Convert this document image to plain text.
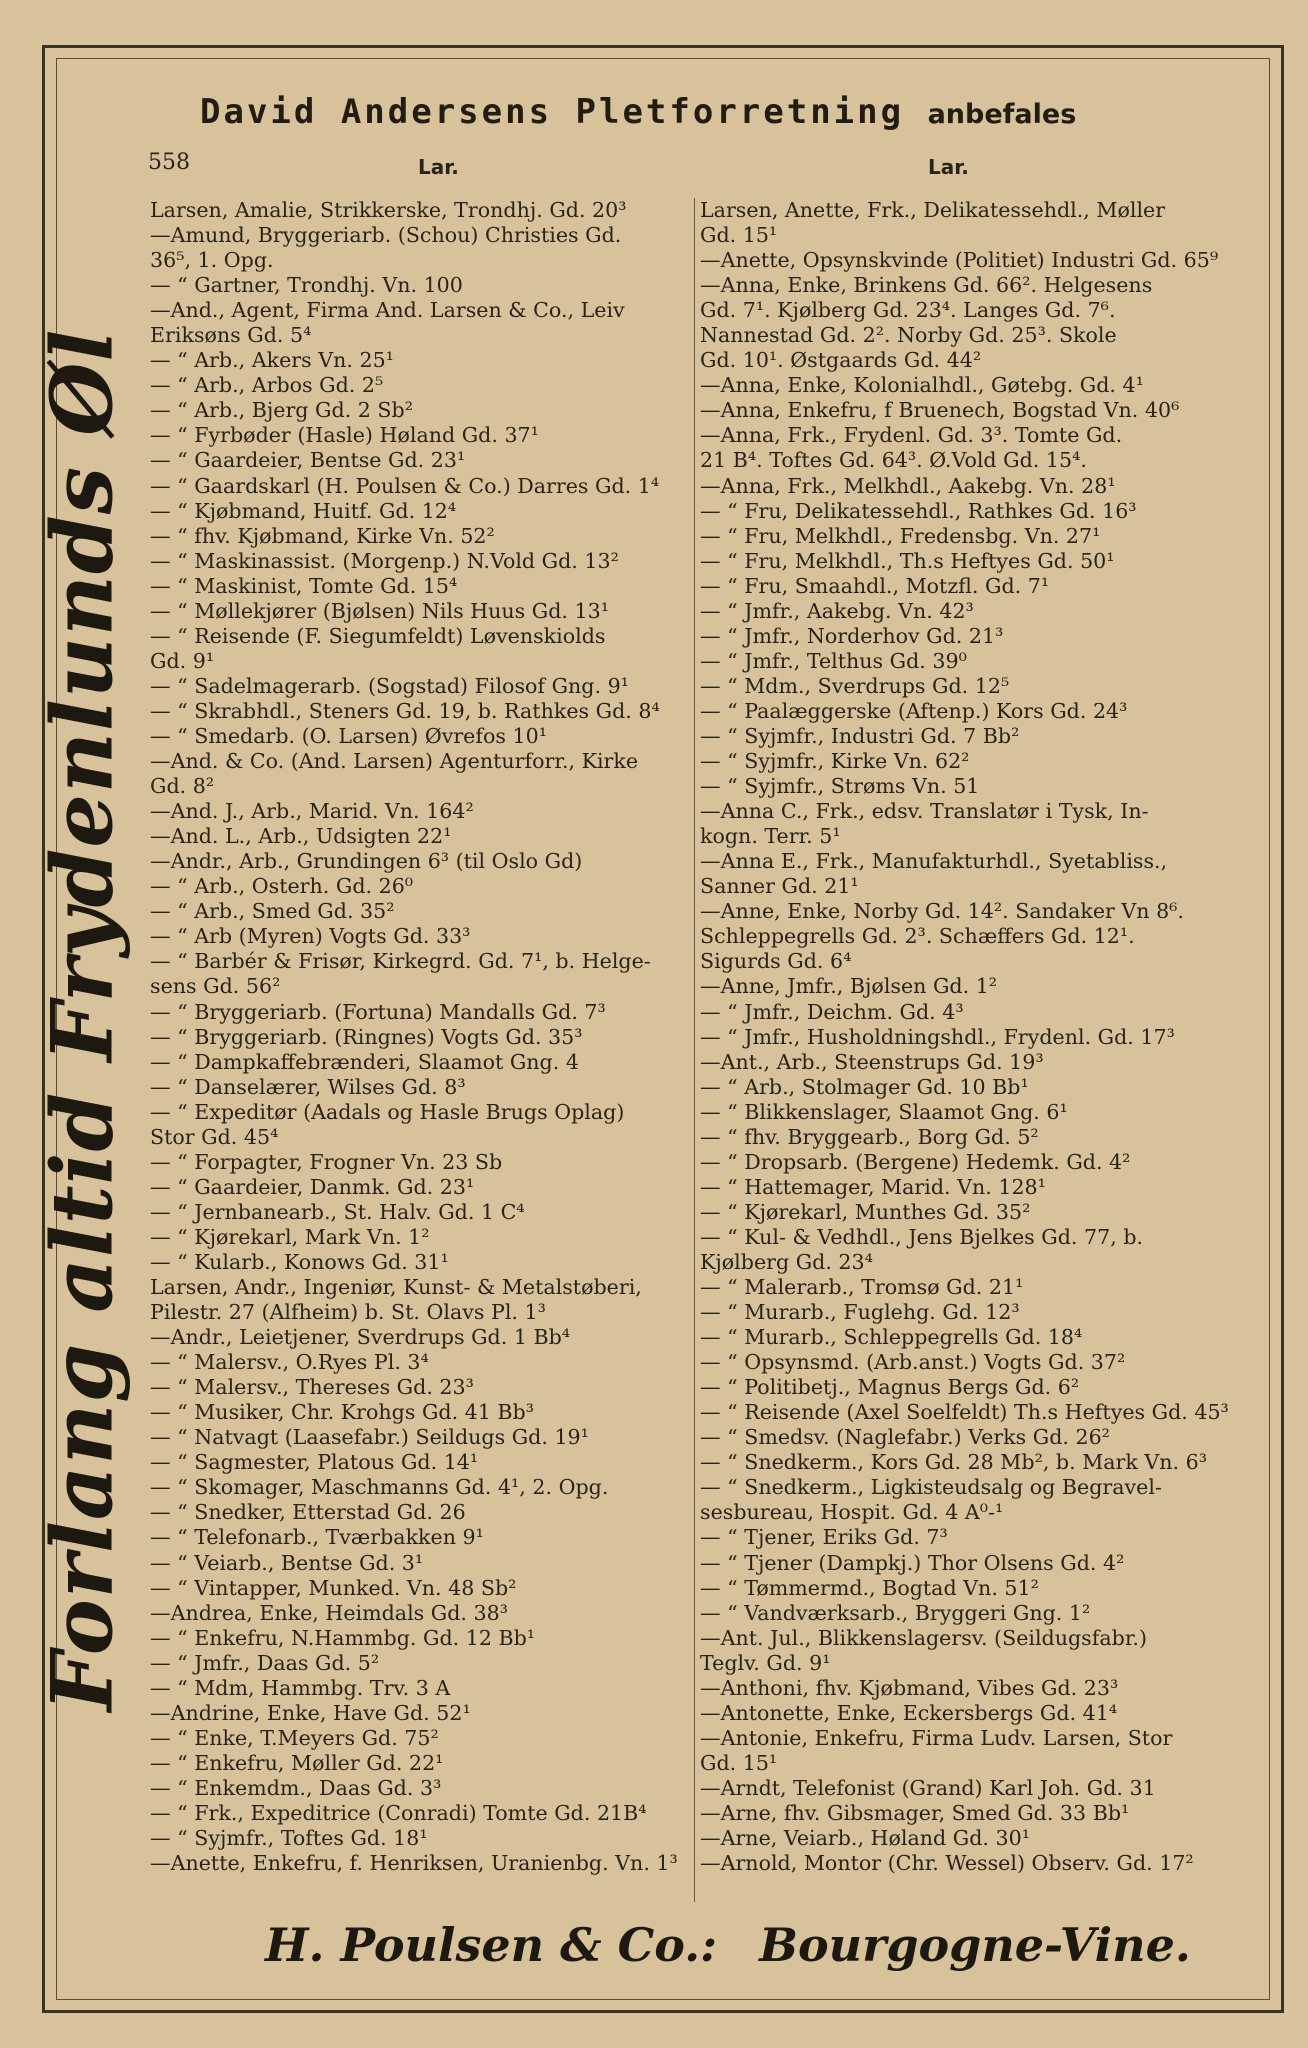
David Andersens Pletforretning anbefales
558	Lar.	Lar.
Forlang altid Frydenlunds Øl
Larsen, Amalie, Strikkerske, Trondhj. Gd. 20³
—Amund, Bryggeriarb. (Schou) Christies Gd.
36⁵, 1. Opg.
— “ Gartner, Trondhj. Vn. 100
—And., Agent, Firma And. Larsen & Co., Leiv
Eriksøns Gd. 5⁴
— “ Arb., Akers Vn. 25¹
— “ Arb., Arbos Gd. 2⁵
— “ Arb., Bjerg Gd. 2 Sb²
— “ Fyrbøder (Hasle) Høland Gd. 37¹
— “ Gaardeier, Bentse Gd. 23¹
— “ Gaardskarl (H. Poulsen & Co.) Darres Gd. 1⁴
— “ Kjøbmand, Huitf. Gd. 12⁴
— “ fhv. Kjøbmand, Kirke Vn. 52²
— “ Maskinassist. (Morgenp.) N.Vold Gd. 13²
— “ Maskinist, Tomte Gd. 15⁴
— “ Møllekjører (Bjølsen) Nils Huus Gd. 13¹
— “ Reisende (F. Siegumfeldt) Løvenskiolds
Gd. 9¹
— “ Sadelmagerarb. (Sogstad) Filosof Gng. 9¹
— “ Skrabhdl., Steners Gd. 19, b. Rathkes Gd. 8⁴
— “ Smedarb. (O. Larsen) Øvrefos 10¹
—And. & Co. (And. Larsen) Agenturforr., Kirke
Gd. 8²
—And. J., Arb., Marid. Vn. 164²
—And. L., Arb., Udsigten 22¹
—Andr., Arb., Grundingen 6³ (til Oslo Gd)
— “ Arb., Osterh. Gd. 26⁰
— “ Arb., Smed Gd. 35²
— “ Arb (Myren) Vogts Gd. 33³
— “ Barbér & Frisør, Kirkegrd. Gd. 7¹, b. Helge-
sens Gd. 56²
— “ Bryggeriarb. (Fortuna) Mandalls Gd. 7³
— “ Bryggeriarb. (Ringnes) Vogts Gd. 35³
— “ Dampkaffebrænderi, Slaamot Gng. 4
— “ Danselærer, Wilses Gd. 8³
— “ Expeditør (Aadals og Hasle Brugs Oplag)
Stor Gd. 45⁴
— “ Forpagter, Frogner Vn. 23 Sb
— “ Gaardeier, Danmk. Gd. 23¹
— “ Jernbanearb., St. Halv. Gd. 1 C⁴
— “ Kjørekarl, Mark Vn. 1²
— “ Kularb., Konows Gd. 31¹
Larsen, Andr., Ingeniør, Kunst- & Metalstøberi,
Pilestr. 27 (Alfheim) b. St. Olavs Pl. 1³
—Andr., Leietjener, Sverdrups Gd. 1 Bb⁴
— “ Malersv., O.Ryes Pl. 3⁴
— “ Malersv., Thereses Gd. 23³
— “ Musiker, Chr. Krohgs Gd. 41 Bb³
— “ Natvagt (Laasefabr.) Seildugs Gd. 19¹
— “ Sagmester, Platous Gd. 14¹
— “ Skomager, Maschmanns Gd. 4¹, 2. Opg.
— “ Snedker, Etterstad Gd. 26
— “ Telefonarb., Tværbakken 9¹
— “ Veiarb., Bentse Gd. 3¹
— “ Vintapper, Munked. Vn. 48 Sb²
—Andrea, Enke, Heimdals Gd. 38³
— “ Enkefru, N.Hammbg. Gd. 12 Bb¹
— “ Jmfr., Daas Gd. 5²
— “ Mdm, Hammbg. Trv. 3 A
—Andrine, Enke, Have Gd. 52¹
— “ Enke, T.Meyers Gd. 75²
— “ Enkefru, Møller Gd. 22¹
— “ Enkemdm., Daas Gd. 3³
— “ Frk., Expeditrice (Conradi) Tomte Gd. 21B⁴
— “ Syjmfr., Toftes Gd. 18¹
—Anette, Enkefru, f. Henriksen, Uranienbg. Vn. 1³
Larsen, Anette, Frk., Delikatessehdl., Møller
Gd. 15¹
—Anette, Opsynskvinde (Politiet) Industri Gd. 65⁹
—Anna, Enke, Brinkens Gd. 66². Helgesens
Gd. 7¹. Kjølberg Gd. 23⁴. Langes Gd. 7⁶.
Nannestad Gd. 2². Norby Gd. 25³. Skole
Gd. 10¹. Østgaards Gd. 44²
—Anna, Enke, Kolonialhdl., Gøtebg. Gd. 4¹
—Anna, Enkefru, f Bruenech, Bogstad Vn. 40⁶
—Anna, Frk., Frydenl. Gd. 3³. Tomte Gd.
21 B⁴. Toftes Gd. 64³. Ø.Vold Gd. 15⁴.
—Anna, Frk., Melkhdl., Aakebg. Vn. 28¹
— “ Fru, Delikatessehdl., Rathkes Gd. 16³
— “ Fru, Melkhdl., Fredensbg. Vn. 27¹
— “ Fru, Melkhdl., Th.s Heftyes Gd. 50¹
— “ Fru, Smaahdl., Motzfl. Gd. 7¹
— “ Jmfr., Aakebg. Vn. 42³
— “ Jmfr., Norderhov Gd. 21³
— “ Jmfr., Telthus Gd. 39⁰
— “ Mdm., Sverdrups Gd. 12⁵
— “ Paalæggerske (Aftenp.) Kors Gd. 24³
— “ Syjmfr., Industri Gd. 7 Bb²
— “ Syjmfr., Kirke Vn. 62²
— “ Syjmfr., Strøms Vn. 51
—Anna C., Frk., edsv. Translatør i Tysk, In-
kogn. Terr. 5¹
—Anna E., Frk., Manufakturhdl., Syetabliss.,
Sanner Gd. 21¹
—Anne, Enke, Norby Gd. 14². Sandaker Vn 8⁶.
Schleppegrells Gd. 2³. Schæffers Gd. 12¹.
Sigurds Gd. 6⁴
—Anne, Jmfr., Bjølsen Gd. 1²
— “ Jmfr., Deichm. Gd. 4³
— “ Jmfr., Husholdningshdl., Frydenl. Gd. 17³
—Ant., Arb., Steenstrups Gd. 19³
— “ Arb., Stolmager Gd. 10 Bb¹
— “ Blikkenslager, Slaamot Gng. 6¹
— “ fhv. Bryggearb., Borg Gd. 5²
— “ Dropsarb. (Bergene) Hedemk. Gd. 4²
— “ Hattemager, Marid. Vn. 128¹
— “ Kjørekarl, Munthes Gd. 35²
— “ Kul- & Vedhdl., Jens Bjelkes Gd. 77, b.
Kjølberg Gd. 23⁴
— “ Malerarb., Tromsø Gd. 21¹
— “ Murarb., Fuglehg. Gd. 12³
— “ Murarb., Schleppegrells Gd. 18⁴
— “ Opsynsmd. (Arb.anst.) Vogts Gd. 37²
— “ Politibetj., Magnus Bergs Gd. 6²
— “ Reisende (Axel Soelfeldt) Th.s Heftyes Gd. 45³
— “ Smedsv. (Naglefabr.) Verks Gd. 26²
— “ Snedkerm., Kors Gd. 28 Mb², b. Mark Vn. 6³
— “ Snedkerm., Ligkisteudsalg og Begravel-
sesbureau, Hospit. Gd. 4 A⁰-¹
— “ Tjener, Eriks Gd. 7³
— “ Tjener (Dampkj.) Thor Olsens Gd. 4²
— “ Tømmermd., Bogtad Vn. 51²
— “ Vandværksarb., Bryggeri Gng. 1²
—Ant. Jul., Blikkenslagersv. (Seildugsfabr.)
Teglv. Gd. 9¹
—Anthoni, fhv. Kjøbmand, Vibes Gd. 23³
—Antonette, Enke, Eckersbergs Gd. 41⁴
—Antonie, Enkefru, Firma Ludv. Larsen, Stor
Gd. 15¹
—Arndt, Telefonist (Grand) Karl Joh. Gd. 31
—Arne, fhv. Gibsmager, Smed Gd. 33 Bb¹
—Arne, Veiarb., Høland Gd. 30¹
—Arnold, Montor (Chr. Wessel) Observ. Gd. 17²
H. Poulsen & Co.: Bourgogne-Vine.
